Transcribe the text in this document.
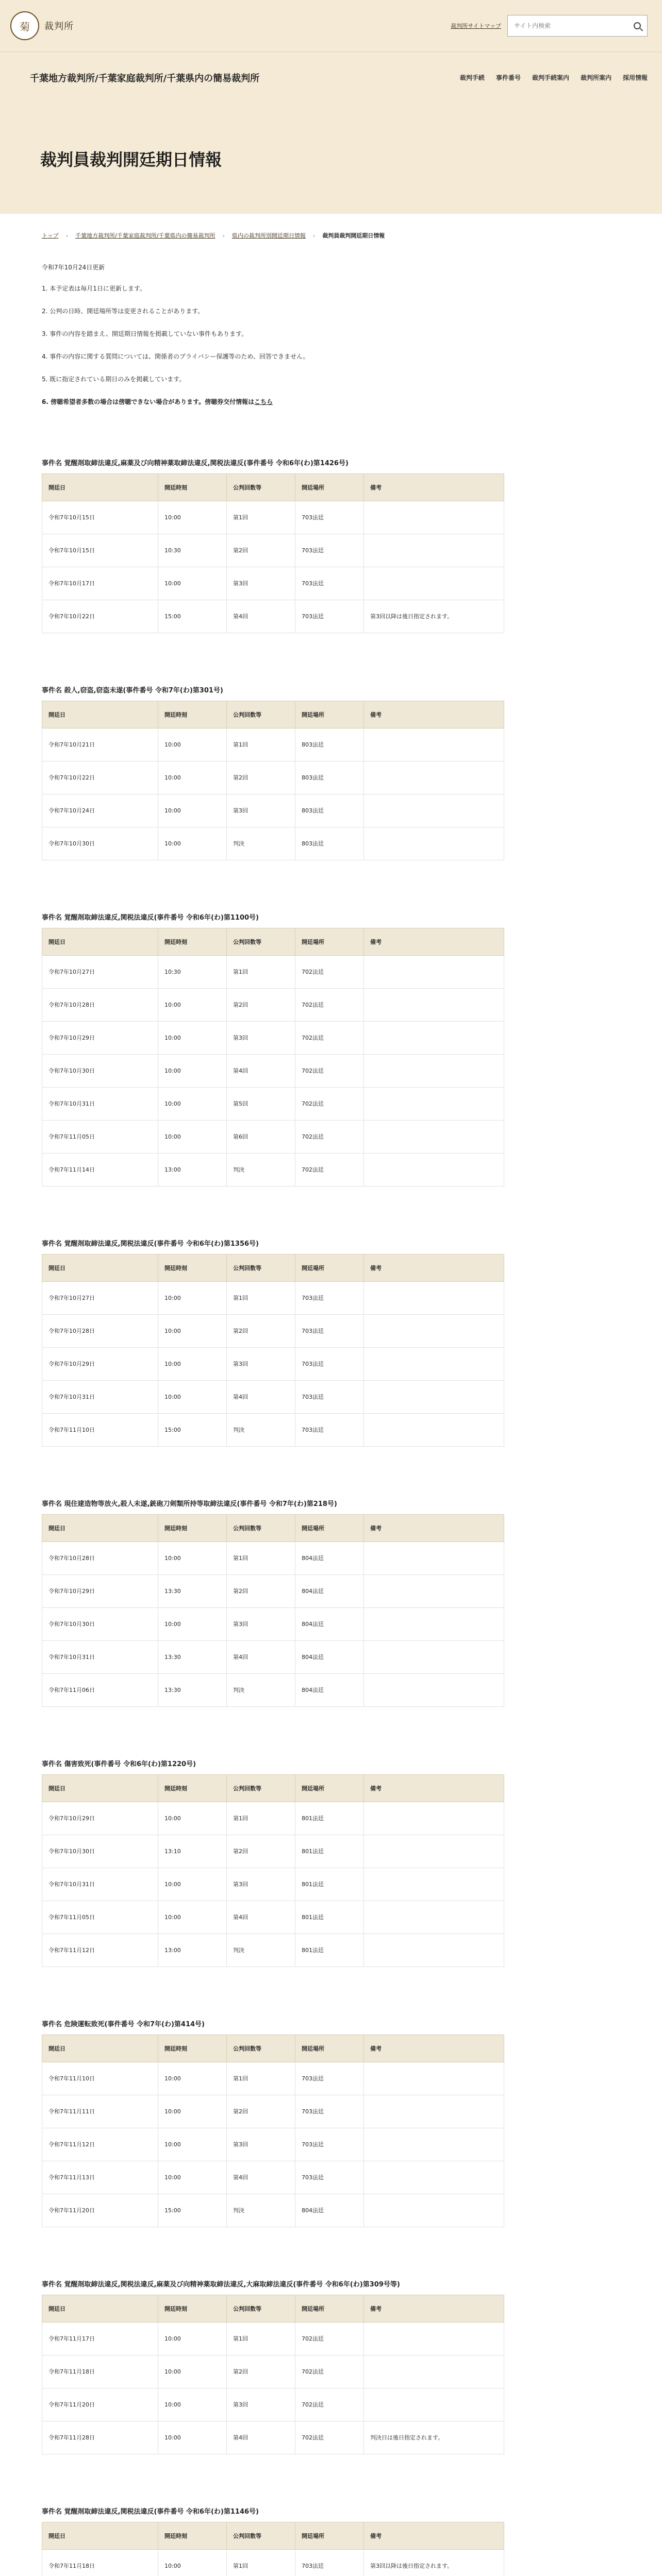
菊	裁判所	裁判所サイトマップ
サイト内検索
千葉地方裁判所/千葉家庭裁判所/千葉県内の簡易裁判所	裁判手続 事件番号 裁判手続案内 裁判所案内 採用情報
裁判員裁判開廷期日情報
トップ › 千葉地方裁判所/千葉家庭裁判所/千葉県内の簡易裁判所 › 県内の裁判所別開廷期日情報 › 裁判員裁判開廷期日情報

令和7年10月24日更新

1. 本予定表は毎月1日に更新します。
2. 公判の日時、開廷場所等は変更されることがあります。
3. 事件の内容を踏まえ、開廷期日情報を掲載していない事件もあります。
4. 事件の内容に関する質問については、関係者のプライバシー保護等のため、回答できません。
5. 既に指定されている期日のみを掲載しています。
6. 傍聴希望者多数の場合は傍聴できない場合があります。傍聴券交付情報はこちら
事件名 覚醒剤取締法違反,麻薬及び向精神薬取締法違反,関税法違反(事件番号 令和6年(わ)第1426号)
開廷日	開廷時刻	公判回数等	開廷場所	備考
令和7年10月15日	10:00	第1回	703法廷	
令和7年10月15日	10:30	第2回	703法廷	
令和7年10月17日	10:00	第3回	703法廷	
令和7年10月22日	15:00	第4回	703法廷	第3回以降は後日指定されます。
事件名 殺人,窃盗,窃盗未遂(事件番号 令和7年(わ)第301号)
開廷日	開廷時刻	公判回数等	開廷場所	備考
令和7年10月21日	10:00	第1回	803法廷	
令和7年10月22日	10:00	第2回	803法廷	
令和7年10月24日	10:00	第3回	803法廷	
令和7年10月30日	10:00	判決	803法廷	
事件名 覚醒剤取締法違反,関税法違反(事件番号 令和6年(わ)第1100号)
開廷日	開廷時刻	公判回数等	開廷場所	備考
令和7年10月27日	10:30	第1回	702法廷	
令和7年10月28日	10:00	第2回	702法廷	
令和7年10月29日	10:00	第3回	702法廷	
令和7年10月30日	10:00	第4回	702法廷	
令和7年10月31日	10:00	第5回	702法廷	
令和7年11月05日	10:00	第6回	702法廷	
令和7年11月14日	13:00	判決	702法廷	
事件名 覚醒剤取締法違反,関税法違反(事件番号 令和6年(わ)第1356号)
開廷日	開廷時刻	公判回数等	開廷場所	備考
令和7年10月27日	10:00	第1回	703法廷	
令和7年10月28日	10:00	第2回	703法廷	
令和7年10月29日	10:00	第3回	703法廷	
令和7年10月31日	10:00	第4回	703法廷	
令和7年11月10日	15:00	判決	703法廷	
事件名 現住建造物等放火,殺人未遂,銃砲刀剣類所持等取締法違反(事件番号 令和7年(わ)第218号)
開廷日	開廷時刻	公判回数等	開廷場所	備考
令和7年10月28日	10:00	第1回	804法廷	
令和7年10月29日	13:30	第2回	804法廷	
令和7年10月30日	10:00	第3回	804法廷	
令和7年10月31日	13:30	第4回	804法廷	
令和7年11月06日	13:30	判決	804法廷	
事件名 傷害致死(事件番号 令和6年(わ)第1220号)
開廷日	開廷時刻	公判回数等	開廷場所	備考
令和7年10月29日	10:00	第1回	801法廷	
令和7年10月30日	13:10	第2回	801法廷	
令和7年10月31日	10:00	第3回	801法廷	
令和7年11月05日	10:00	第4回	801法廷	
令和7年11月12日	13:00	判決	801法廷	
事件名 危険運転致死(事件番号 令和7年(わ)第414号)
開廷日	開廷時刻	公判回数等	開廷場所	備考
令和7年11月10日	10:00	第1回	703法廷	
令和7年11月11日	10:00	第2回	703法廷	
令和7年11月12日	10:00	第3回	703法廷	
令和7年11月13日	10:00	第4回	703法廷	
令和7年11月20日	15:00	判決	804法廷	
事件名 覚醒剤取締法違反,関税法違反,麻薬及び向精神薬取締法違反,大麻取締法違反(事件番号 令和6年(わ)第309号等)
開廷日	開廷時刻	公判回数等	開廷場所	備考
令和7年11月17日	10:00	第1回	702法廷	
令和7年11月18日	10:00	第2回	702法廷	
令和7年11月20日	10:00	第3回	702法廷	
令和7年11月28日	10:00	第4回	702法廷	判決日は後日指定されます。
事件名 覚醒剤取締法違反,関税法違反(事件番号 令和6年(わ)第1146号)
開廷日	開廷時刻	公判回数等	開廷場所	備考
令和7年11月18日	10:00	第1回	703法廷	第3回以降は後日指定されます。
